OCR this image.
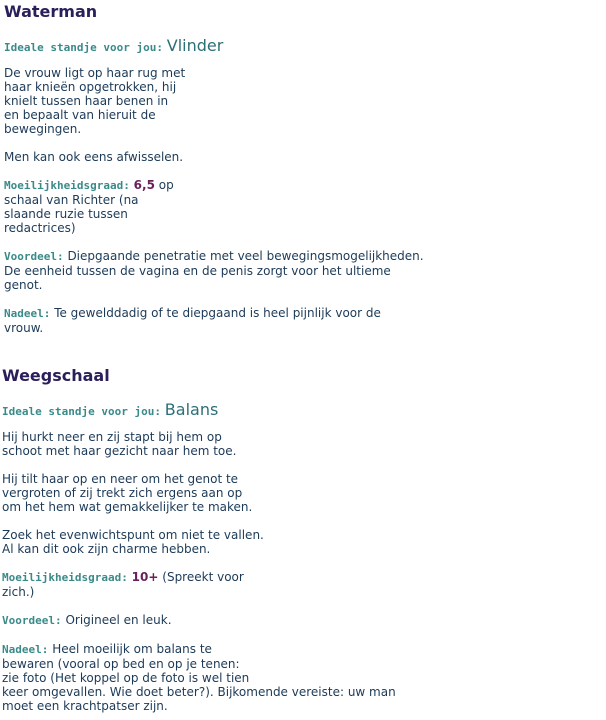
Waterman
Ideale standje voor jou: Vlinder

De vrouw ligt op haar rug met
haar knieën opgetrokken, hij
knielt tussen haar benen in
en bepaalt van hieruit de
bewegingen.

Men kan ook eens afwisselen.

Moeilijkheidsgraad: 6,5 op
schaal van Richter (na
slaande ruzie tussen
redactrices)

Voordeel: Diepgaande penetratie met veel bewegingsmogelijkheden.
De eenheid tussen de vagina en de penis zorgt voor het ultieme
genot.

Nadeel: Te gewelddadig of te diepgaand is heel pijnlijk voor de
vrouw.

Weegschaal
Ideale standje voor jou: Balans

Hij hurkt neer en zij stapt bij hem op
schoot met haar gezicht naar hem toe.

Hij tilt haar op en neer om het genot te
vergroten of zij trekt zich ergens aan op
om het hem wat gemakkelijker te maken.

Zoek het evenwichtspunt om niet te vallen.
Al kan dit ook zijn charme hebben.

Moeilijkheidsgraad: 10+ (Spreekt voor
zich.)

Voordeel: Origineel en leuk.

Nadeel: Heel moeilijk om balans te
bewaren (vooral op bed en op je tenen:
zie foto (Het koppel op de foto is wel tien
keer omgevallen. Wie doet beter?). Bijkomende vereiste: uw man
moet een krachtpatser zijn.
